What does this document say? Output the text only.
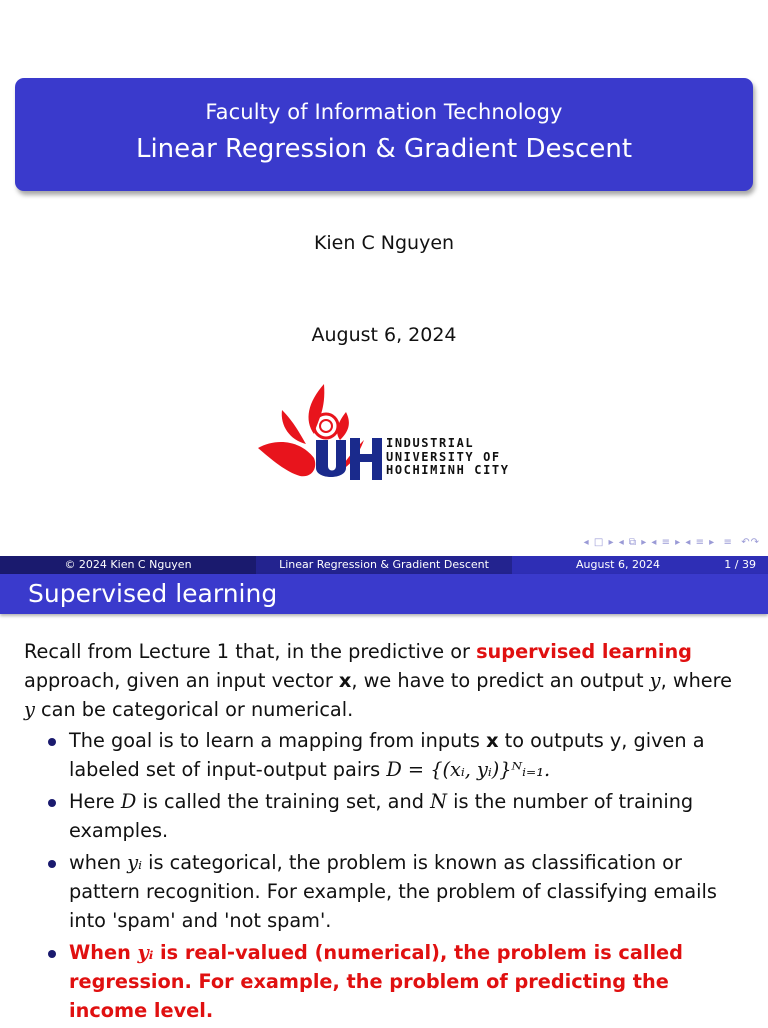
Faculty of Information Technology
Linear Regression & Gradient Descent
Kien C Nguyen
August 6, 2024
INDUSTRIAL
UNIVERSITY OF
HOCHIMINH CITY
◂ □ ▸ ◂ ⧉ ▸ ◂ ≡ ▸ ◂ ≡ ▸  ≡  ↶↷
© 2024 Kien C Nguyen	Linear Regression & Gradient Descent	August 6, 2024	1 / 39
Supervised learning
Recall from Lecture 1 that, in the predictive or supervised learning approach, given an input vector x, we have to predict an output y, where y can be categorical or numerical.
The goal is to learn a mapping from inputs x to outputs y, given a labeled set of input-output pairs D = {(xᵢ, yᵢ)}ᴺᵢ₌₁.
Here D is called the training set, and N is the number of training examples.
when yᵢ is categorical, the problem is known as classification or pattern recognition. For example, the problem of classifying emails into 'spam' and 'not spam'.
When yᵢ is real-valued (numerical), the problem is called regression. For example, the problem of predicting the income level.
